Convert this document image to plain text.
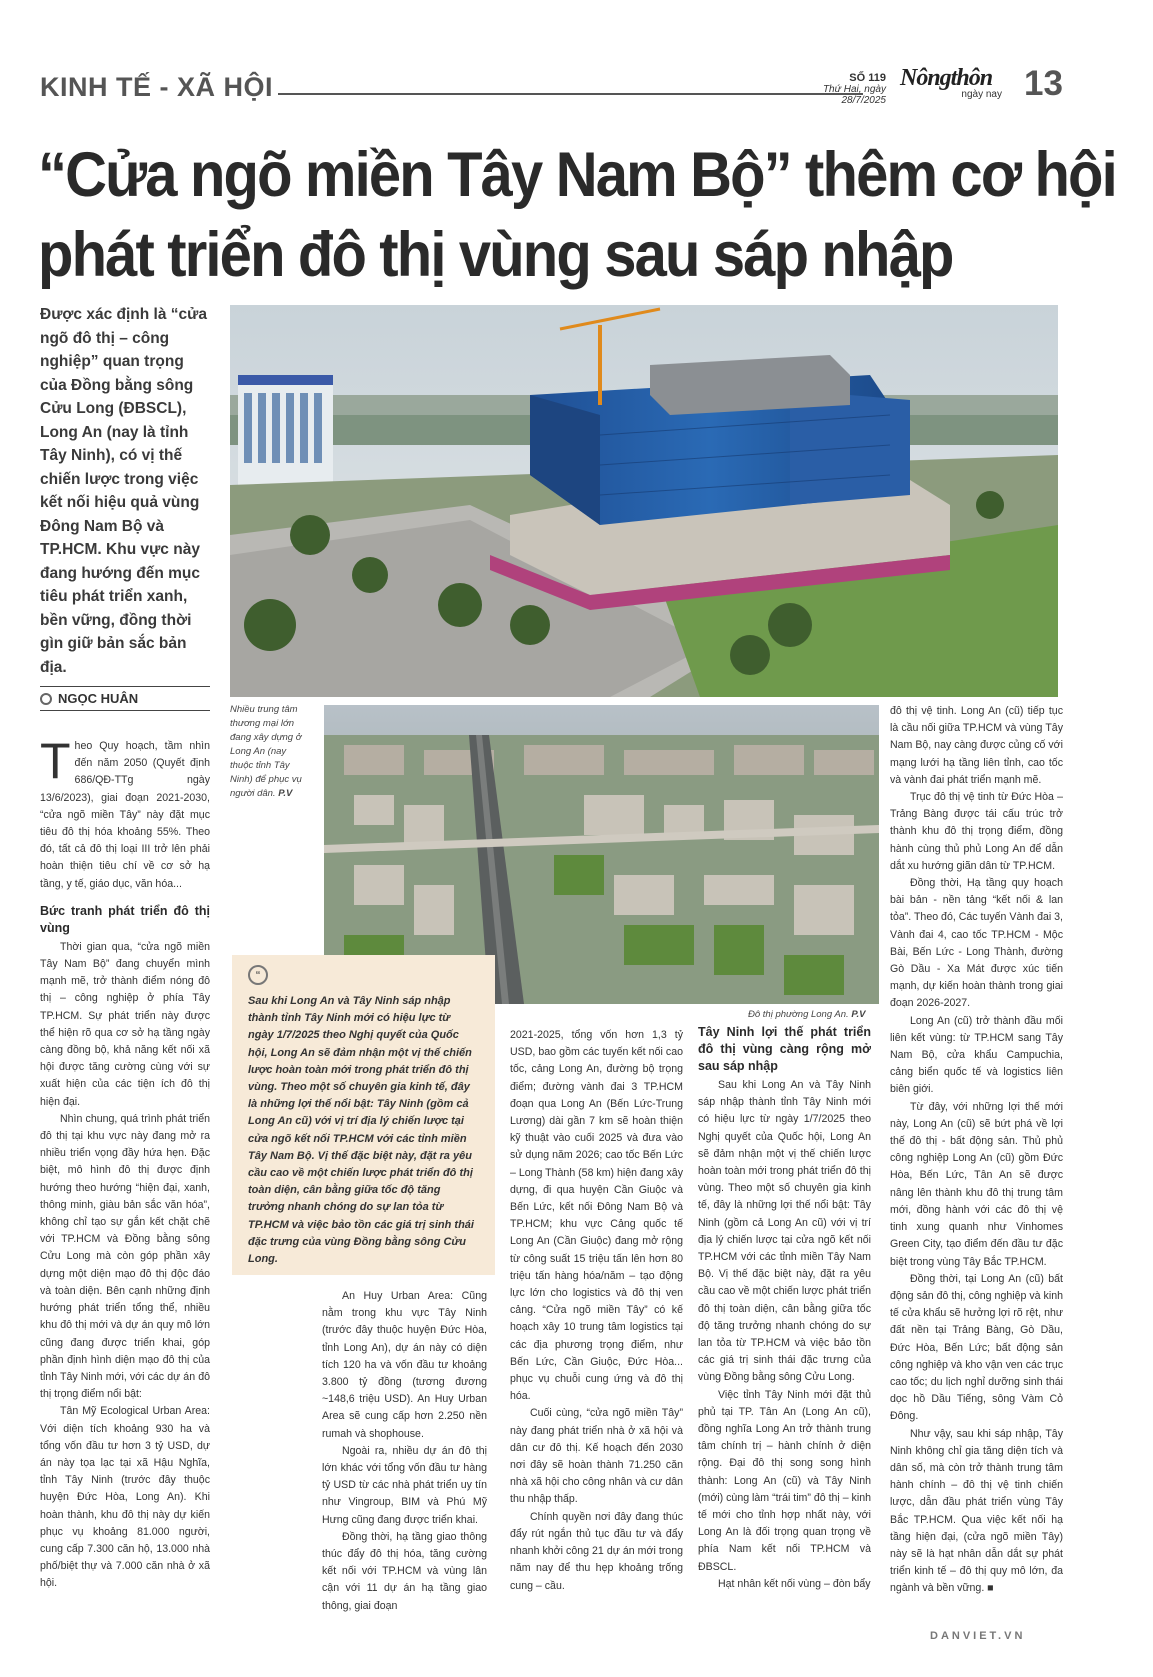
KINH TẾ - XÃ HỘI	SỐ 119
Thứ Hai, ngày 28/7/2025
Nôngthôn
ngày nay 13
“Cửa ngõ miền Tây Nam Bộ” thêm cơ hội
phát triển đô thị vùng sau sáp nhập
Được xác định là “cửa ngõ đô thị – công nghiệp” quan trọng của Đồng bằng sông Cửu Long (ĐBSCL), Long An (nay là tỉnh Tây Ninh), có vị thế chiến lược trong việc kết nối hiệu quả vùng Đông Nam Bộ và TP.HCM. Khu vực này đang hướng đến mục tiêu phát triển xanh, bền vững, đồng thời gìn giữ bản sắc bản địa.
NGỌC HUÂN
Nhiều trung tâm thương mại lớn đang xây dựng ở Long An (nay thuộc tỉnh Tây Ninh) để phục vụ người dân. P.V
Đô thị phường Long An. P.V

Theo Quy hoạch, tầm nhìn đến năm 2050 (Quyết định 686/QĐ-TTg ngày 13/6/2023), giai đoạn 2021-2030, “cửa ngõ miền Tây” này đặt mục tiêu đô thị hóa khoảng 55%. Theo đó, tất cả đô thị loại III trở lên phải hoàn thiện tiêu chí về cơ sở hạ tầng, y tế, giáo dục, văn hóa...

Bức tranh phát triển đô thị vùng

Thời gian qua, “cửa ngõ miền Tây Nam Bộ” đang chuyển mình mạnh mẽ, trở thành điểm nóng đô thị – công nghiệp ở phía Tây TP.HCM. Sự phát triển này được thể hiện rõ qua cơ sở hạ tầng ngày càng đồng bộ, khả năng kết nối xã hội được tăng cường cùng với sự xuất hiện của các tiện ích đô thị hiện đại.

Nhìn chung, quá trình phát triển đô thị tại khu vực này đang mở ra nhiều triển vọng đầy hứa hẹn. Đặc biệt, mô hình đô thị được định hướng theo hướng “hiện đại, xanh, thông minh, giàu bản sắc văn hóa”, không chỉ tạo sự gắn kết chặt chẽ với TP.HCM và Đồng bằng sông Cửu Long mà còn góp phần xây dựng một diện mạo đô thị độc đáo và toàn diện. Bên cạnh những định hướng phát triển tổng thể, nhiều khu đô thị mới và dự án quy mô lớn cũng đang được triển khai, góp phần định hình diện mạo đô thị của tỉnh Tây Ninh mới, với các dự án đô thị trọng điểm nổi bật:

Tân Mỹ Ecological Urban Area: Với diện tích khoảng 930 ha và tổng vốn đầu tư hơn 3 tỷ USD, dự án này tọa lạc tại xã Hậu Nghĩa, tỉnh Tây Ninh (trước đây thuộc huyện Đức Hòa, Long An). Khi hoàn thành, khu đô thị này dự kiến phục vụ khoảng 81.000 người, cung cấp 7.300 căn hộ, 13.000 nhà phố/biệt thự và 7.000 căn nhà ở xã hội.

“
Sau khi Long An và Tây Ninh sáp nhập thành tỉnh Tây Ninh mới có hiệu lực từ ngày 1/7/2025 theo Nghị quyết của Quốc hội, Long An sẽ đảm nhận một vị thế chiến lược hoàn toàn mới trong phát triển đô thị vùng. Theo một số chuyên gia kinh tế, đây là những lợi thế nổi bật: Tây Ninh (gồm cả Long An cũ) với vị trí địa lý chiến lược tại cửa ngõ kết nối TP.HCM với các tỉnh miền Tây Nam Bộ. Vị thế đặc biệt này, đặt ra yêu cầu cao về một chiến lược phát triển đô thị toàn diện, cân bằng giữa tốc độ tăng trưởng nhanh chóng do sự lan tỏa từ TP.HCM và việc bảo tồn các giá trị sinh thái đặc trưng của vùng Đồng bằng sông Cửu Long.

An Huy Urban Area: Cũng nằm trong khu vực Tây Ninh (trước đây thuộc huyện Đức Hòa, tỉnh Long An), dự án này có diện tích 120 ha và vốn đầu tư khoảng 3.800 tỷ đồng (tương đương ~148,6 triệu USD). An Huy Urban Area sẽ cung cấp hơn 2.250 nền rumah và shophouse.

Ngoài ra, nhiều dự án đô thị lớn khác với tổng vốn đầu tư hàng tỷ USD từ các nhà phát triển uy tín như Vingroup, BIM và Phú Mỹ Hưng cũng đang được triển khai.

Đồng thời, hạ tầng giao thông thúc đẩy đô thị hóa, tăng cường kết nối với TP.HCM và vùng lân cận với 11 dự án hạ tầng giao thông, giai đoạn

2021-2025, tổng vốn hơn 1,3 tỷ USD, bao gồm các tuyến kết nối cao tốc, cảng Long An, đường bộ trọng điểm; đường vành đai 3 TP.HCM đoạn qua Long An (Bến Lức-Trung Lương) dài gần 7 km sẽ hoàn thiện kỹ thuật vào cuối 2025 và đưa vào sử dụng năm 2026; cao tốc Bến Lức – Long Thành (58 km) hiện đang xây dựng, đi qua huyện Cần Giuộc và Bến Lức, kết nối Đông Nam Bộ và TP.HCM; khu vực Cảng quốc tế Long An (Cần Giuộc) đang mở rộng từ công suất 15 triệu tấn lên hơn 80 triệu tấn hàng hóa/năm – tạo động lực lớn cho logistics và đô thị ven cảng. “Cửa ngõ miền Tây” có kế hoạch xây 10 trung tâm logistics tại các địa phương trọng điểm, như Bến Lức, Cần Giuộc, Đức Hòa... phục vụ chuỗi cung ứng và đô thị hóa.

Cuối cùng, “cửa ngõ miền Tây” này đang phát triển nhà ở xã hội và dân cư đô thị. Kế hoạch đến 2030 nơi đây sẽ hoàn thành 71.250 căn nhà xã hội cho công nhân và cư dân thu nhập thấp.

Chính quyền nơi đây đang thúc đẩy rút ngắn thủ tục đầu tư và đẩy nhanh khởi công 21 dự án mới trong năm nay để thu hẹp khoảng trống cung – cầu.

Tây Ninh lợi thế phát triển đô thị vùng càng rộng mở sau sáp nhập

Sau khi Long An và Tây Ninh sáp nhập thành tỉnh Tây Ninh mới có hiệu lực từ ngày 1/7/2025 theo Nghị quyết của Quốc hội, Long An sẽ đảm nhận một vị thế chiến lược hoàn toàn mới trong phát triển đô thị vùng. Theo một số chuyên gia kinh tế, đây là những lợi thế nổi bật: Tây Ninh (gồm cả Long An cũ) với vị trí địa lý chiến lược tại cửa ngõ kết nối TP.HCM với các tỉnh miền Tây Nam Bộ. Vị thế đặc biệt này, đặt ra yêu cầu cao về một chiến lược phát triển đô thị toàn diện, cân bằng giữa tốc độ tăng trưởng nhanh chóng do sự lan tỏa từ TP.HCM và việc bảo tồn các giá trị sinh thái đặc trưng của vùng Đồng bằng sông Cửu Long.

Việc tỉnh Tây Ninh mới đặt thủ phủ tại TP. Tân An (Long An cũ), đồng nghĩa Long An trở thành trung tâm chính trị – hành chính ở diện rộng. Đại đô thị song song hình thành: Long An (cũ) và Tây Ninh (mới) cùng làm “trái tim” đô thị – kinh tế mới cho tỉnh hợp nhất này, với Long An là đối trọng quan trọng về phía Nam kết nối TP.HCM và ĐBSCL.

Hạt nhân kết nối vùng – đòn bẩy

đô thị vệ tinh. Long An (cũ) tiếp tục là cầu nối giữa TP.HCM và vùng Tây Nam Bộ, nay càng được củng cố với mạng lưới hạ tầng liên tỉnh, cao tốc và vành đai phát triển mạnh mẽ.

Trục đô thị vệ tinh từ Đức Hòa – Trảng Bàng được tái cấu trúc trở thành khu đô thị trọng điểm, đồng hành cùng thủ phủ Long An để dẫn dắt xu hướng giãn dân từ TP.HCM.

Đồng thời, Hạ tầng quy hoạch bài bản - nền tảng “kết nối & lan tỏa”. Theo đó, Các tuyến Vành đai 3, Vành đai 4, cao tốc TP.HCM - Mộc Bài, Bến Lức - Long Thành, đường Gò Dầu - Xa Mát được xúc tiến mạnh, dự kiến hoàn thành trong giai đoạn 2026-2027.

Long An (cũ) trở thành đầu mối liên kết vùng: từ TP.HCM sang Tây Nam Bộ, cửa khẩu Campuchia, cảng biển quốc tế và logistics liên biên giới.

Từ đây, với những lợi thế mới này, Long An (cũ) sẽ bứt phá về lợi thế đô thị - bất động sản. Thủ phủ công nghiệp Long An (cũ) gồm Đức Hòa, Bến Lức, Tân An sẽ được nâng lên thành khu đô thị trung tâm mới, đồng hành với các đô thị vệ tinh xung quanh như Vinhomes Green City, tạo điểm đến đầu tư đặc biệt trong vùng Tây Bắc TP.HCM.

Đồng thời, tại Long An (cũ) bất động sản đô thị, công nghiệp và kinh tế cửa khẩu sẽ hưởng lợi rõ rệt, như đất nền tại Trảng Bàng, Gò Dầu, Đức Hòa, Bến Lức; bất động sản công nghiệp và kho vận ven các trục cao tốc; du lịch nghỉ dưỡng sinh thái dọc hồ Dầu Tiếng, sông Vàm Cỏ Đông.

Như vậy, sau khi sáp nhập, Tây Ninh không chỉ gia tăng diện tích và dân số, mà còn trở thành trung tâm hành chính – đô thị vệ tinh chiến lược, dẫn đầu phát triển vùng Tây Bắc TP.HCM. Qua việc kết nối hạ tầng hiện đại, (cửa ngõ miền Tây) này sẽ là hạt nhân dẫn dắt sự phát triển kinh tế – đô thị quy mô lớn, đa ngành và bền vững. ■

DANVIET.VN
